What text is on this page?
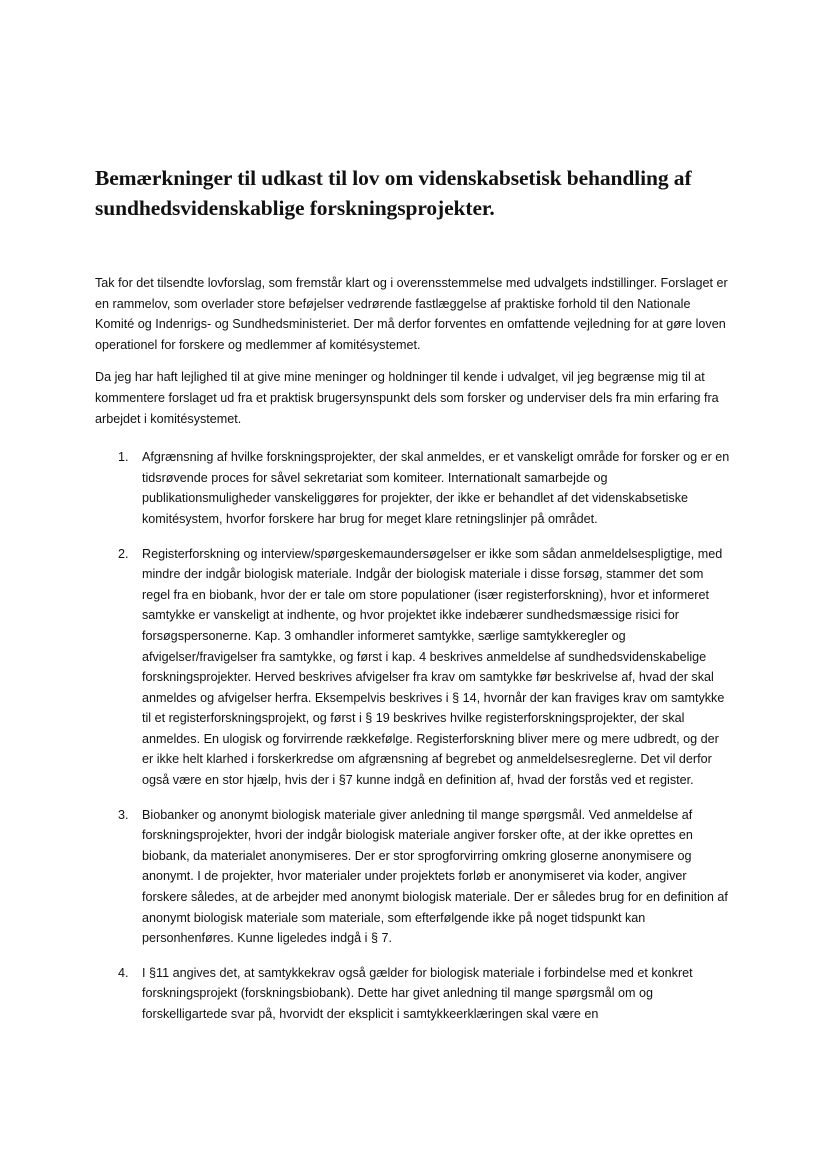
Bemærkninger til udkast til lov om videnskabsetisk behandling af sundhedsvidenskablige forskningsprojekter.

Tak for det tilsendte lovforslag, som fremstår klart og i overensstemmelse med udvalgets indstillinger. Forslaget er en rammelov, som overlader store beføjelser vedrørende fastlæggelse af praktiske forhold til den Nationale Komité og Indenrigs- og Sundhedsministeriet. Der må derfor forventes en omfattende vejledning for at gøre loven operationel for forskere og medlemmer af komitésystemet.

Da jeg har haft lejlighed til at give mine meninger og holdninger til kende i udvalget, vil jeg begrænse mig til at kommentere forslaget ud fra et praktisk brugersynspunkt dels som forsker og underviser dels fra min erfaring fra arbejdet i komitésystemet.

1. Afgrænsning af hvilke forskningsprojekter, der skal anmeldes, er et vanskeligt område for forsker og er en tidsrøvende proces for såvel sekretariat som komiteer. Internationalt samarbejde og publikationsmuligheder vanskeliggøres for projekter, der ikke er behandlet af det videnskabsetiske komitésystem, hvorfor forskere har brug for meget klare retningslinjer på området.
2. Registerforskning og interview/spørgeskemaundersøgelser er ikke som sådan anmeldelsespligtige, med mindre der indgår biologisk materiale. Indgår der biologisk materiale i disse forsøg, stammer det som regel fra en biobank, hvor der er tale om store populationer (især registerforskning), hvor et informeret samtykke er vanskeligt at indhente, og hvor projektet ikke indebærer sundhedsmæssige risici for forsøgspersonerne. Kap. 3 omhandler informeret samtykke, særlige samtykkeregler og afvigelser/fravigelser fra samtykke, og først i kap. 4 beskrives anmeldelse af sundhedsvidenskabelige forskningsprojekter. Herved beskrives afvigelser fra krav om samtykke før beskrivelse af, hvad der skal anmeldes og afvigelser herfra. Eksempelvis beskrives i § 14, hvornår der kan fraviges krav om samtykke til et registerforskningsprojekt, og først i § 19 beskrives hvilke registerforskningsprojekter, der skal anmeldes. En ulogisk og forvirrende rækkefølge. Registerforskning bliver mere og mere udbredt, og der er ikke helt klarhed i forskerkredse om afgrænsning af begrebet og anmeldelsesreglerne. Det vil derfor også være en stor hjælp, hvis der i §7 kunne indgå en definition af, hvad der forstås ved et register.
3. Biobanker og anonymt biologisk materiale giver anledning til mange spørgsmål. Ved anmeldelse af forskningsprojekter, hvori der indgår biologisk materiale angiver forsker ofte, at der ikke oprettes en biobank, da materialet anonymiseres. Der er stor sprogforvirring omkring gloserne anonymisere og anonymt. I de projekter, hvor materialer under projektets forløb er anonymiseret via koder, angiver forskere således, at de arbejder med anonymt biologisk materiale. Der er således brug for en definition af anonymt biologisk materiale som materiale, som efterfølgende ikke på noget tidspunkt kan personhenføres. Kunne ligeledes indgå i § 7.
4. I §11 angives det, at samtykkekrav også gælder for biologisk materiale i forbindelse med et konkret forskningsprojekt (forskningsbiobank). Dette har givet anledning til mange spørgsmål om og forskelligartede svar på, hvorvidt der eksplicit i samtykkeerklæringen skal være en
